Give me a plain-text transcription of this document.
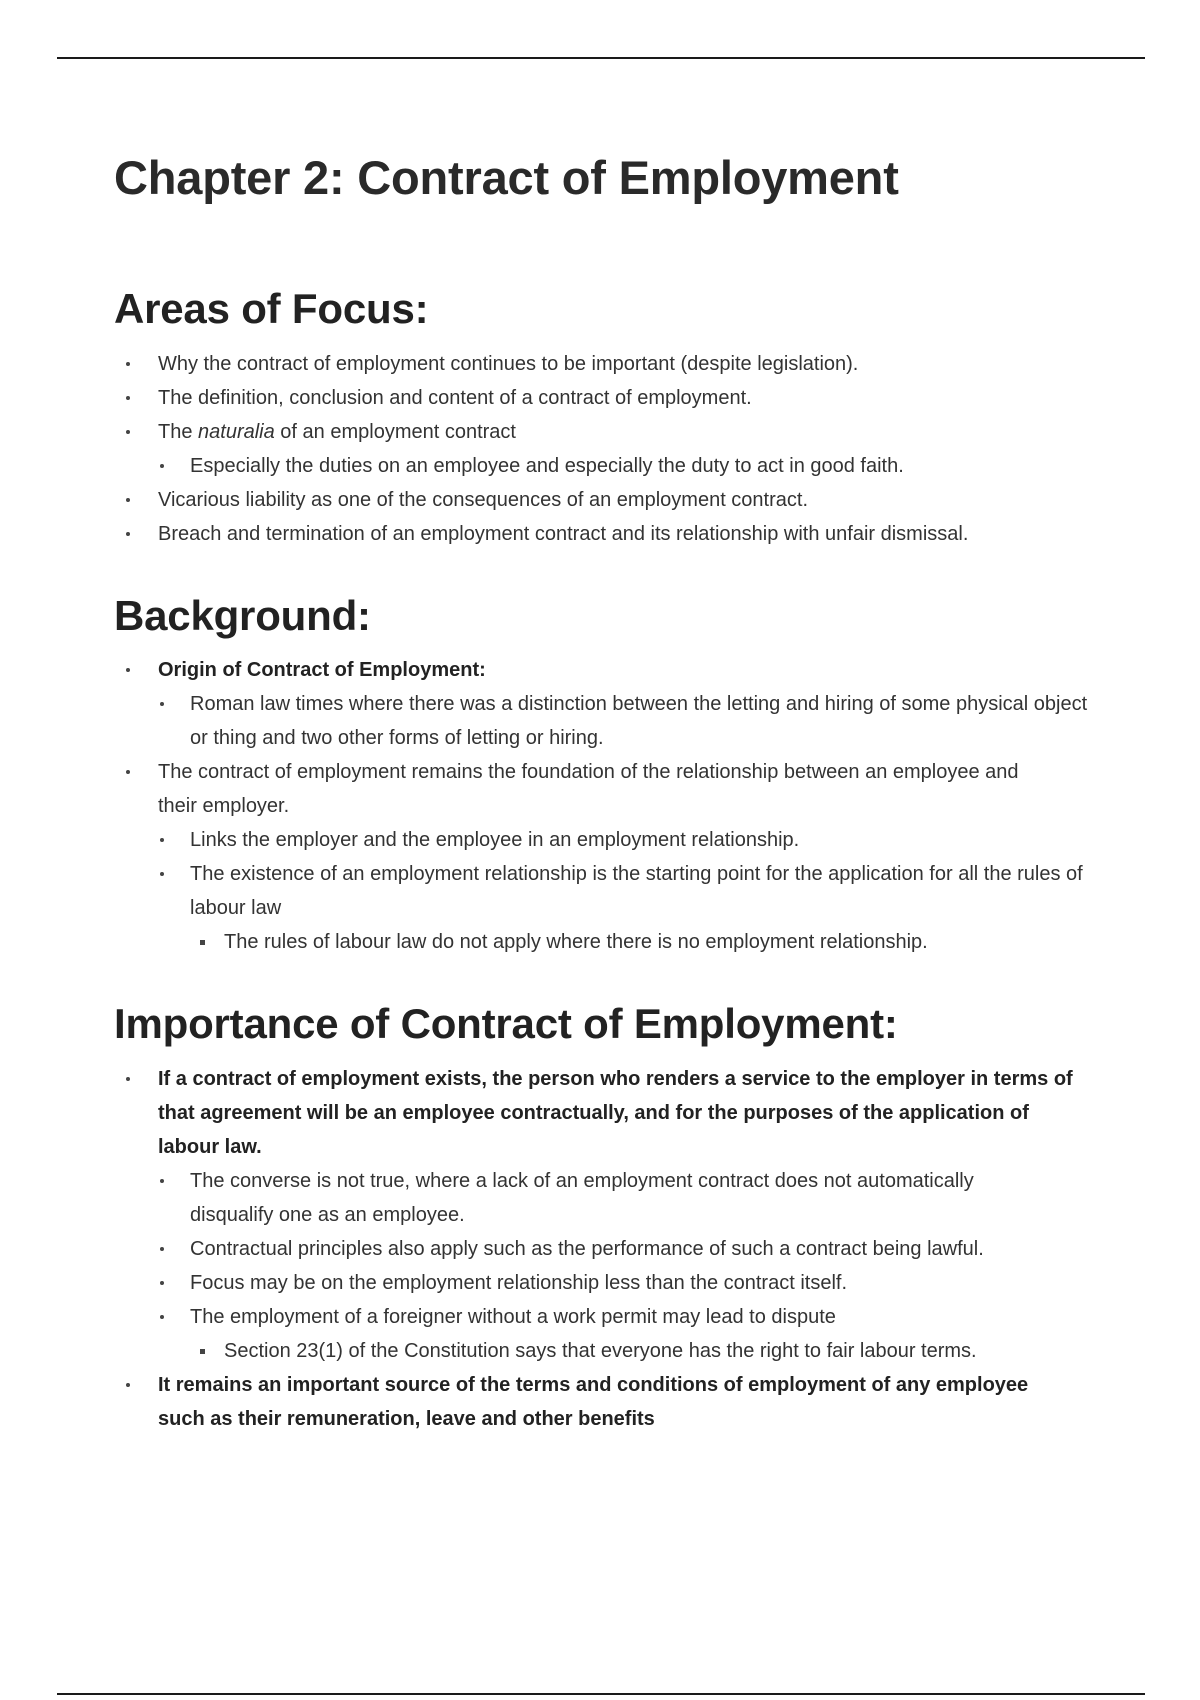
Chapter 2: Contract of Employment
Areas of Focus:
Why the contract of employment continues to be important (despite legislation).
The definition, conclusion and content of a contract of employment.
The naturalia of an employment contract
Especially the duties on an employee and especially the duty to act in good faith.
Vicarious liability as one of the consequences of an employment contract.
Breach and termination of an employment contract and its relationship with unfair dismissal.
Background:
Origin of Contract of Employment:
Roman law times where there was a distinction between the letting and hiring of some physical object or thing and two other forms of letting or hiring.
The contract of employment remains the foundation of the relationship between an employee and their employer.
Links the employer and the employee in an employment relationship.
The existence of an employment relationship is the starting point for the application for all the rules of labour law
The rules of labour law do not apply where there is no employment relationship.
Importance of Contract of Employment:
If a contract of employment exists, the person who renders a service to the employer in terms of that agreement will be an employee contractually, and for the purposes of the application of labour law.
The converse is not true, where a lack of an employment contract does not automatically disqualify one as an employee.
Contractual principles also apply such as the performance of such a contract being lawful.
Focus may be on the employment relationship less than the contract itself.
The employment of a foreigner without a work permit may lead to dispute
Section 23(1) of the Constitution says that everyone has the right to fair labour terms.
It remains an important source of the terms and conditions of employment of any employee such as their remuneration, leave and other benefits
